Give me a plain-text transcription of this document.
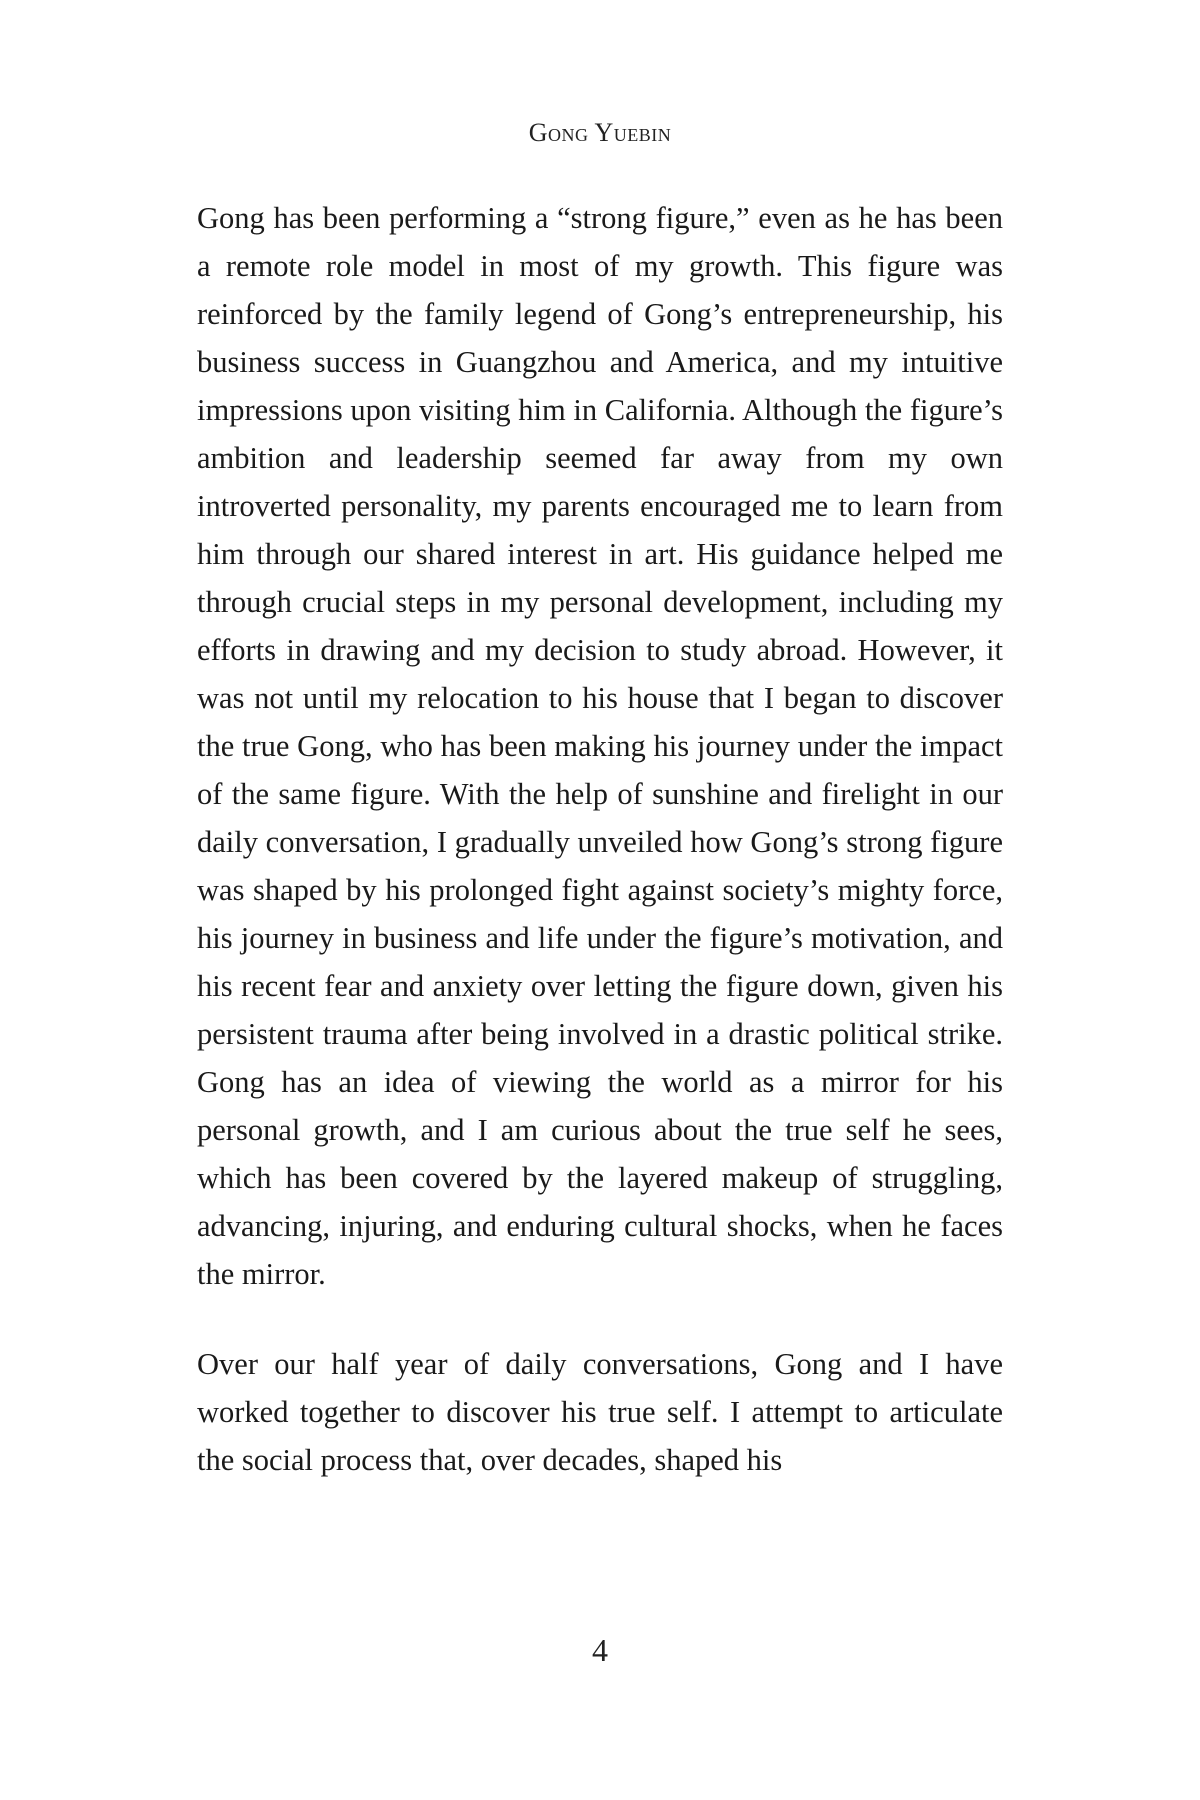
Gong Yuebin

Gong has been performing a “strong figure,” even as he has been a remote role model in most of my growth. This figure was reinforced by the family legend of Gong’s entrepreneurship, his business success in Guangzhou and America, and my intuitive impressions upon visiting him in California. Although the figure’s ambition and leadership seemed far away from my own introverted personality, my parents encouraged me to learn from him through our shared interest in art. His guidance helped me through crucial steps in my personal development, including my efforts in drawing and my decision to study abroad. However, it was not until my relocation to his house that I began to discover the true Gong, who has been making his journey under the impact of the same figure. With the help of sunshine and firelight in our daily conversation, I gradually unveiled how Gong’s strong figure was shaped by his prolonged fight against society’s mighty force, his journey in business and life under the figure’s motivation, and his recent fear and anxiety over letting the figure down, given his persistent trauma after being involved in a drastic political strike. Gong has an idea of viewing the world as a mirror for his personal growth, and I am curious about the true self he sees, which has been covered by the layered makeup of struggling, advancing, injuring, and enduring cultural shocks, when he faces the mirror.

Over our half year of daily conversations, Gong and I have worked together to discover his true self. I attempt to articulate the social process that, over decades, shaped his

4
